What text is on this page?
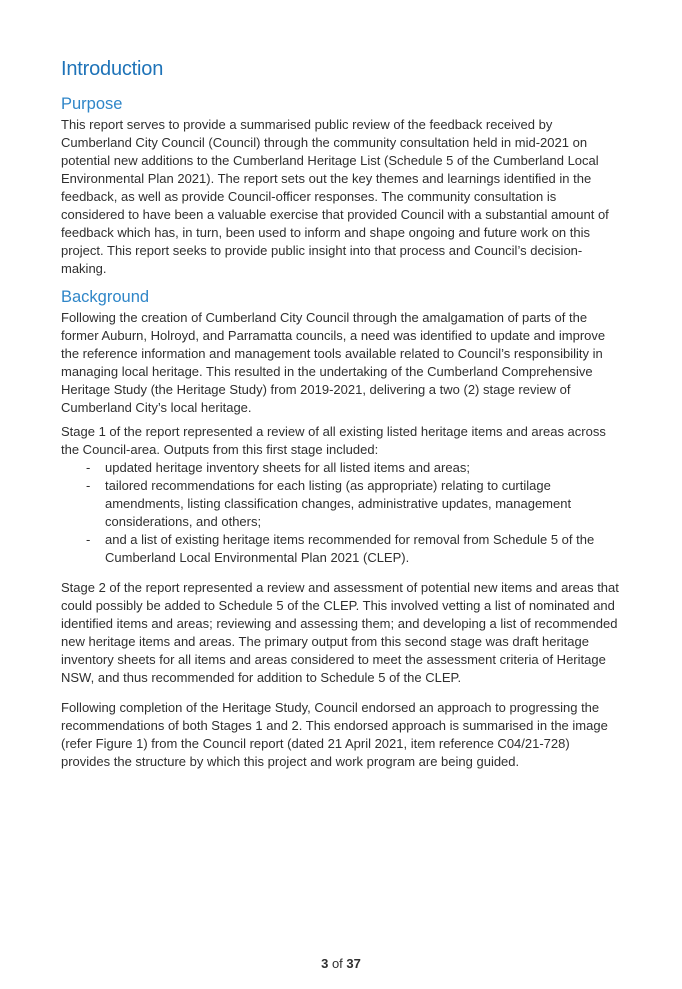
Introduction
Purpose

This report serves to provide a summarised public review of the feedback received by Cumberland City Council (Council) through the community consultation held in mid-2021 on potential new additions to the Cumberland Heritage List (Schedule 5 of the Cumberland Local Environmental Plan 2021). The report sets out the key themes and learnings identified in the feedback, as well as provide Council-officer responses. The community consultation is considered to have been a valuable exercise that provided Council with a substantial amount of feedback which has, in turn, been used to inform and shape ongoing and future work on this project. This report seeks to provide public insight into that process and Council’s decision-making.

Background

Following the creation of Cumberland City Council through the amalgamation of parts of the former Auburn, Holroyd, and Parramatta councils, a need was identified to update and improve the reference information and management tools available related to Council’s responsibility in managing local heritage. This resulted in the undertaking of the Cumberland Comprehensive Heritage Study (the Heritage Study) from 2019-2021, delivering a two (2) stage review of Cumberland City’s local heritage.

Stage 1 of the report represented a review of all existing listed heritage items and areas across the Council-area. Outputs from this first stage included:

- updated heritage inventory sheets for all listed items and areas;
- tailored recommendations for each listing (as appropriate) relating to curtilage amendments, listing classification changes, administrative updates, management considerations, and others;
- and a list of existing heritage items recommended for removal from Schedule 5 of the Cumberland Local Environmental Plan 2021 (CLEP).

Stage 2 of the report represented a review and assessment of potential new items and areas that could possibly be added to Schedule 5 of the CLEP. This involved vetting a list of nominated and identified items and areas; reviewing and assessing them; and developing a list of recommended new heritage items and areas. The primary output from this second stage was draft heritage inventory sheets for all items and areas considered to meet the assessment criteria of Heritage NSW, and thus recommended for addition to Schedule 5 of the CLEP.

Following completion of the Heritage Study, Council endorsed an approach to progressing the recommendations of both Stages 1 and 2. This endorsed approach is summarised in the image (refer Figure 1) from the Council report (dated 21 April 2021, item reference C04/21-728) provides the structure by which this project and work program are being guided.

3 of 37
